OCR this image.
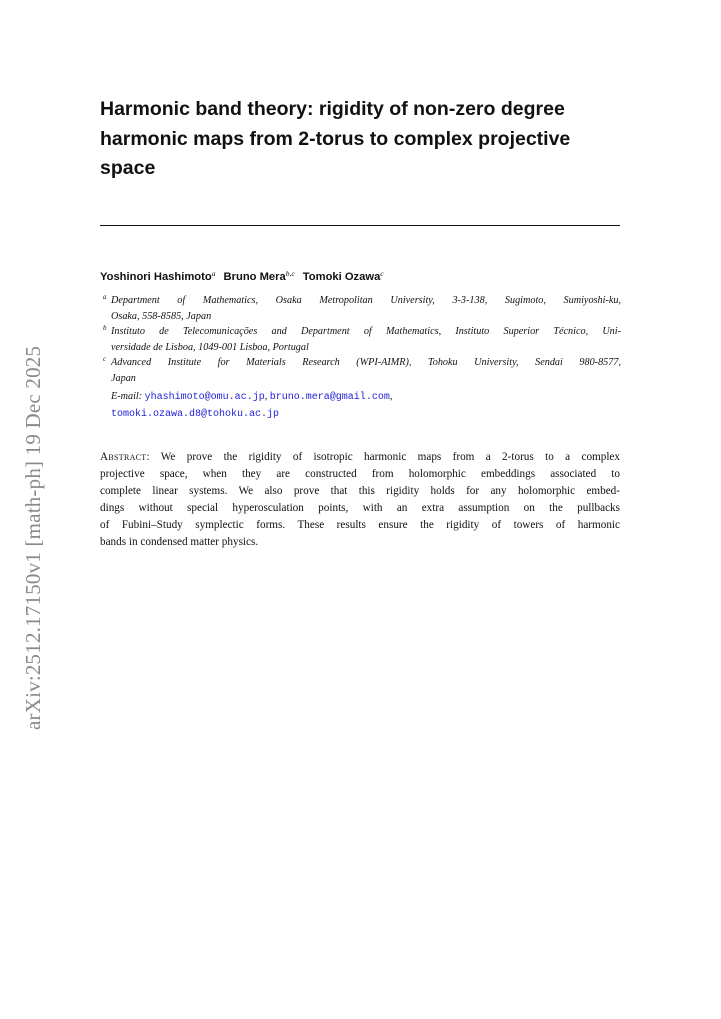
arXiv:2512.17150v1 [math-ph] 19 Dec 2025
Harmonic band theory: rigidity of non-zero degree
harmonic maps from 2-torus to complex projective
space
Yoshinori Hashimoto$^a$ Bruno Mera$^{b,c}$ Tomoki Ozawa$^c$

a Department of Mathematics, Osaka Metropolitan University, 3-3-138, Sugimoto, Sumiyoshi-ku,
Osaka, 558-8585, Japan

b Instituto de Telecomunicações and Department of Mathematics, Instituto Superior Técnico, Uni-
versidade de Lisboa, 1049-001 Lisboa, Portugal

c Advanced Institute for Materials Research (WPI-AIMR), Tohoku University, Sendai 980-8577,
Japan

E-mail: yhashimoto@omu.ac.jp, bruno.mera@gmail.com,
tomoki.ozawa.d8@tohoku.ac.jp
Abstract: We prove the rigidity of isotropic harmonic maps from a 2-torus to a complex
projective space, when they are constructed from holomorphic embeddings associated to
complete linear systems. We also prove that this rigidity holds for any holomorphic embed-
dings without special hyperosculation points, with an extra assumption on the pullbacks
of Fubini–Study symplectic forms. These results ensure the rigidity of towers of harmonic
bands in condensed matter physics.
